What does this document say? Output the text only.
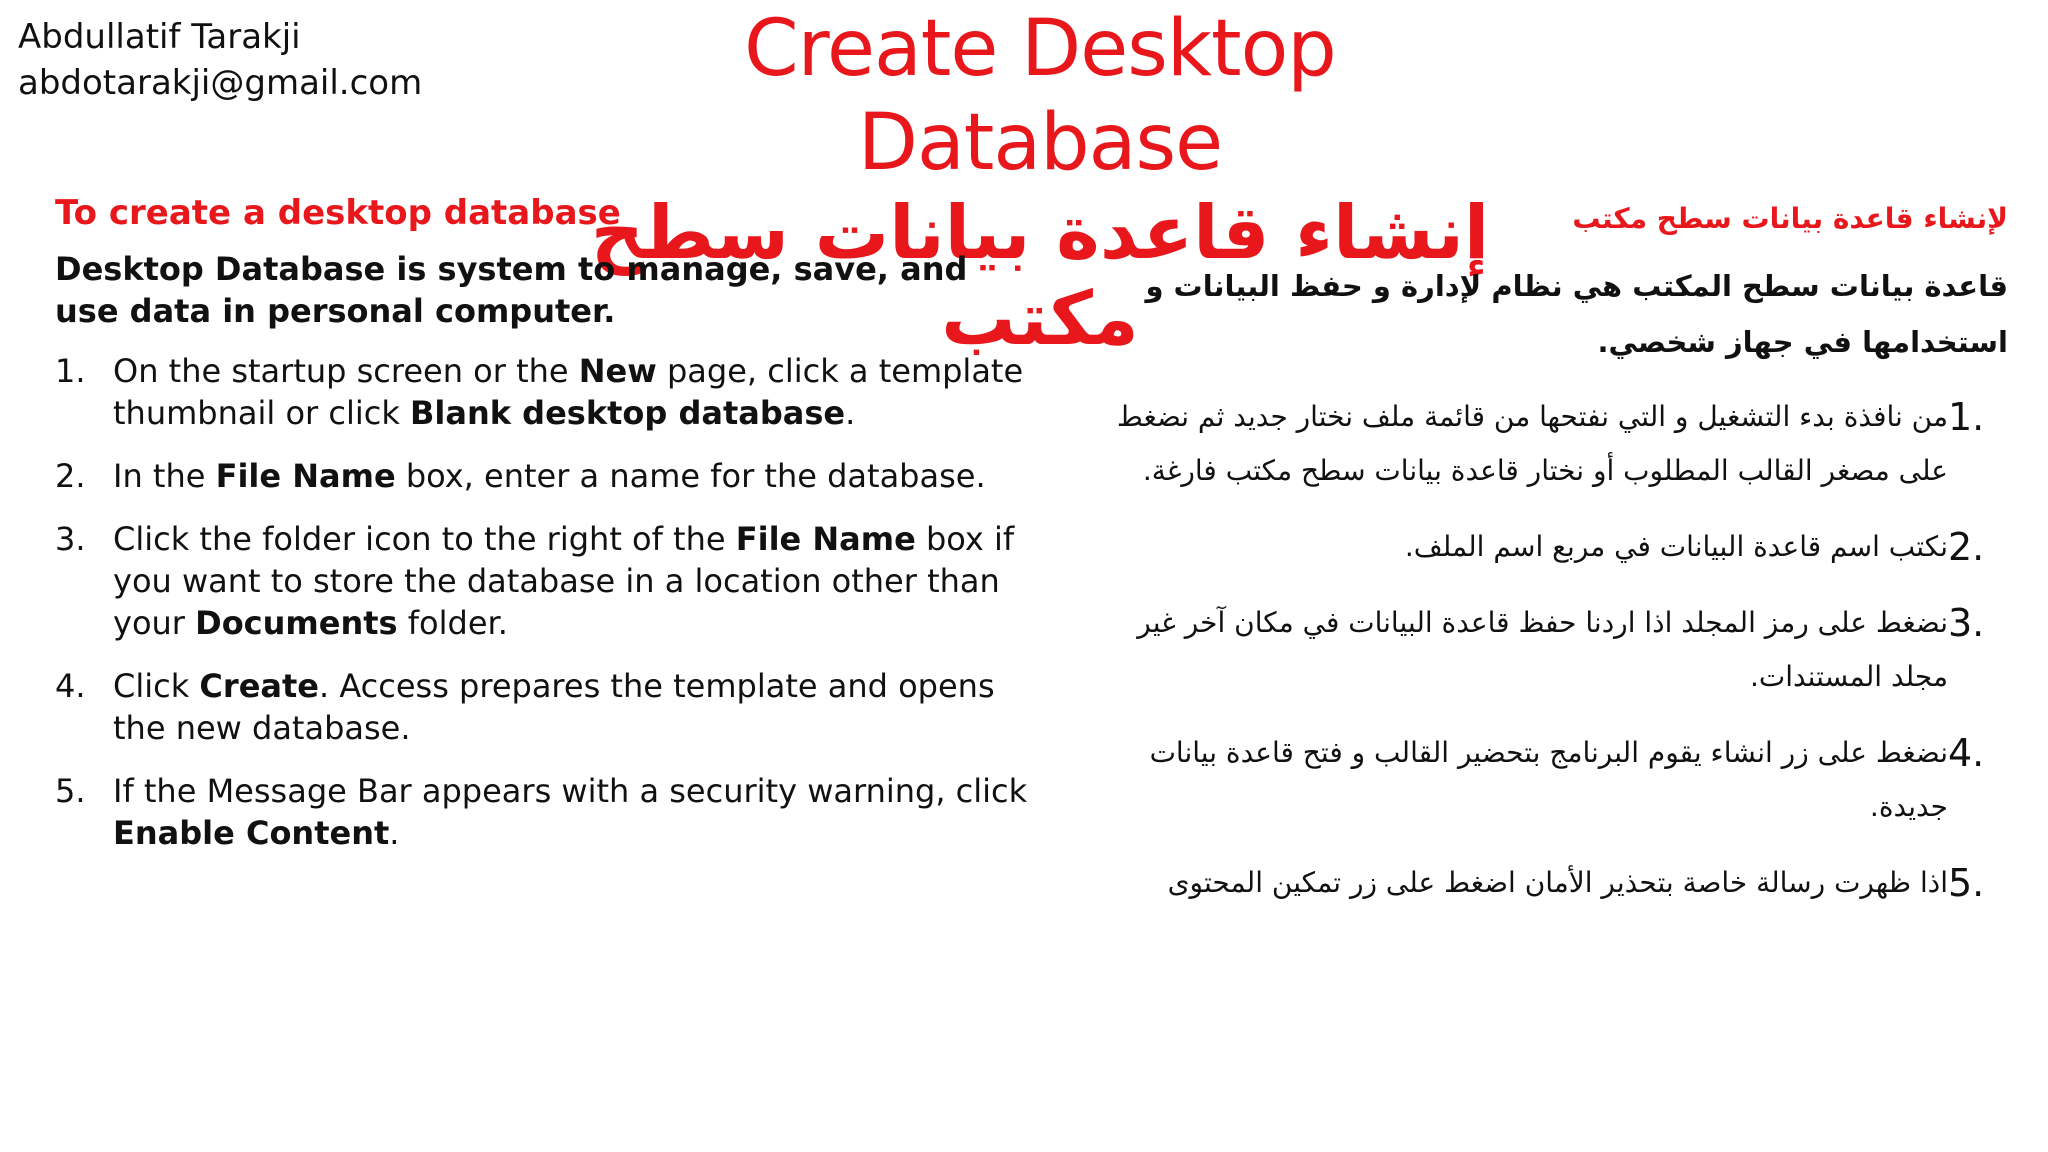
Abdullatif Tarakji
abdotarakji@gmail.com	Create Desktop Database
إنشاء قاعدة بيانات سطح مكتب
To create a desktop database
Desktop Database is system to manage, save, and use data in personal computer.
1. On the startup screen or the New page, click a template thumbnail or click Blank desktop database.
2. In the File Name box, enter a name for the database.
3. Click the folder icon to the right of the File Name box if you want to store the database in a location other than your Documents folder.
4. Click Create. Access prepares the template and opens the new database.
5. If the Message Bar appears with a security warning, click Enable Content.
لإنشاء قاعدة بيانات سطح مكتب
قاعدة بيانات سطح المكتب هي نظام لإدارة و حفظ البيانات و استخدامها في جهاز شخصي.
1.
من نافذة بدء التشغيل و التي نفتحها من قائمة ملف نختار جديد ثم نضغط على مصغر القالب المطلوب أو نختار قاعدة بيانات سطح مكتب فارغة.
2.
نكتب اسم قاعدة البيانات في مربع اسم الملف.
3.
نضغط على رمز المجلد اذا اردنا حفظ قاعدة البيانات في مكان آخر غير مجلد المستندات.
4.
نضغط على زر انشاء يقوم البرنامج بتحضير القالب و فتح قاعدة بيانات جديدة.
5.
اذا ظهرت رسالة خاصة بتحذير الأمان اضغط على زر تمكين المحتوى
